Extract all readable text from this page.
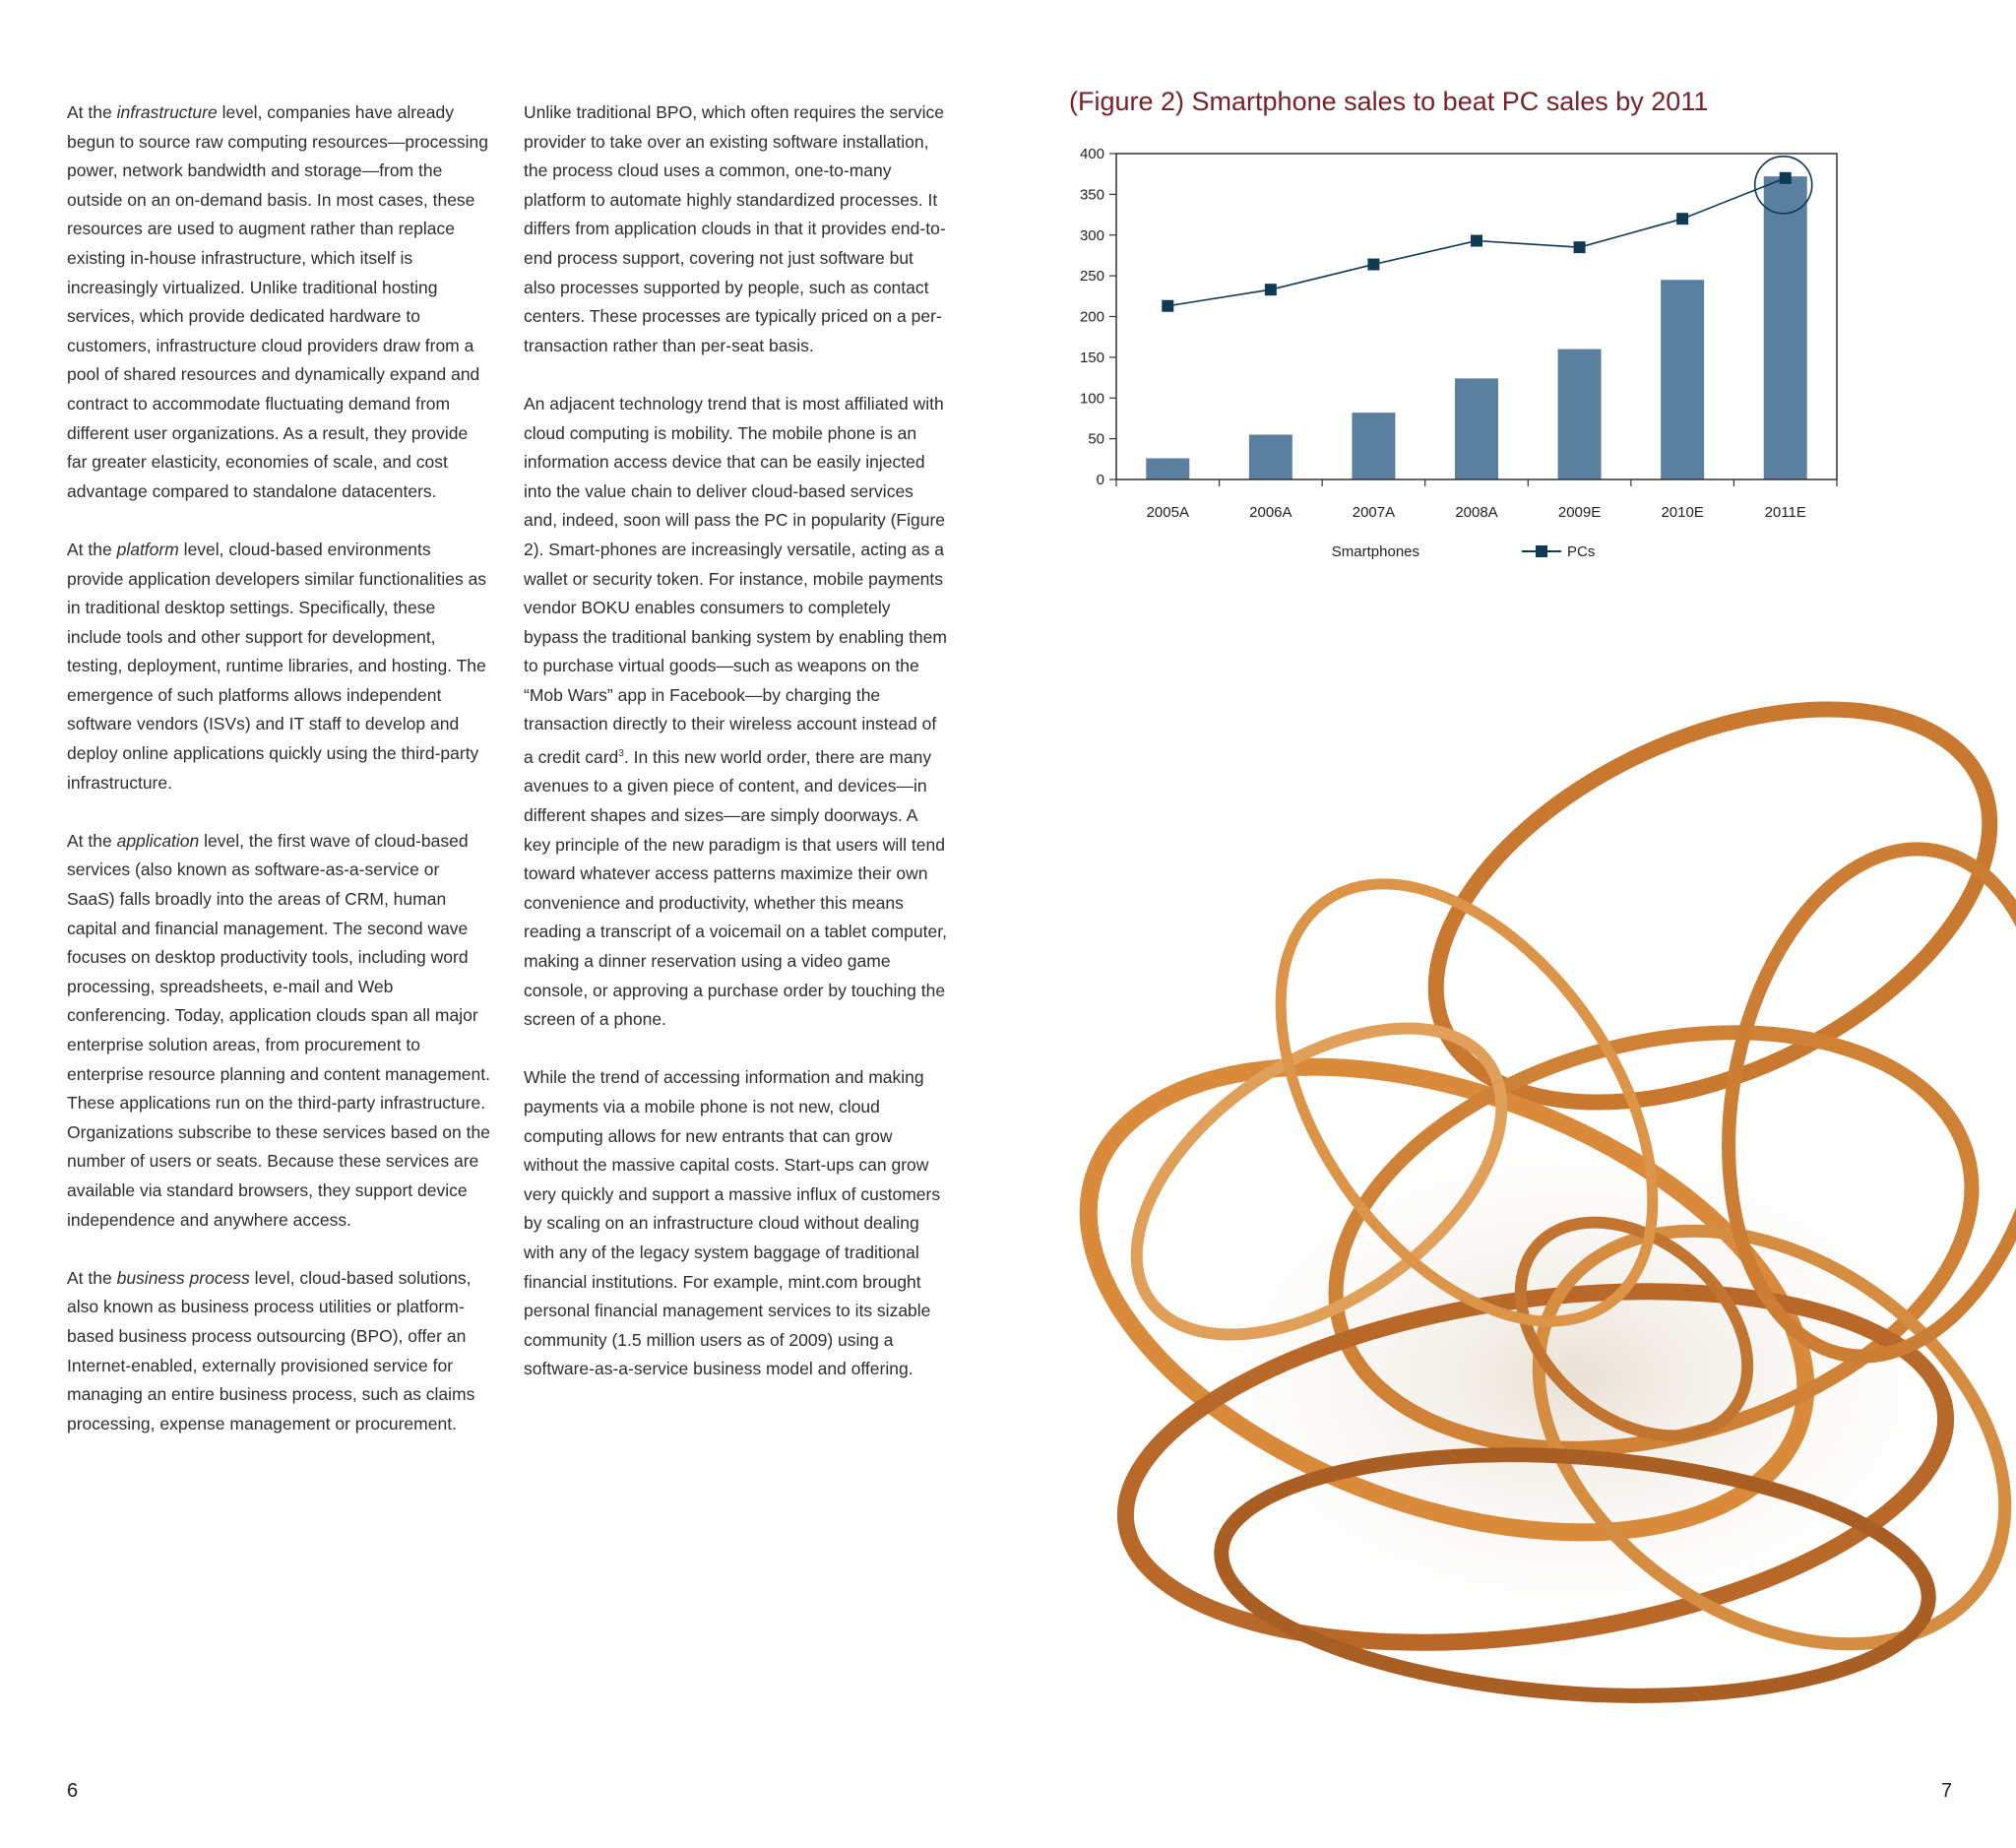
At the infrastructure level, companies have already begun to source raw computing resources—processing power, network bandwidth and storage—from the outside on an on-demand basis. In most cases, these resources are used to augment rather than replace existing in-house infrastructure, which itself is increasingly virtualized. Unlike traditional hosting services, which provide dedicated hardware to customers, infrastructure cloud providers draw from a pool of shared resources and dynamically expand and contract to accommodate fluctuating demand from different user organizations. As a result, they provide far greater elasticity, economies of scale, and cost advantage compared to standalone datacenters.

At the platform level, cloud-based environments provide application developers similar functionalities as in traditional desktop settings. Specifically, these include tools and other support for development, testing, deployment, runtime libraries, and hosting. The emergence of such platforms allows independent software vendors (ISVs) and IT staff to develop and deploy online applications quickly using the third-party infrastructure.

At the application level, the first wave of cloud-based services (also known as software-as-a-service or SaaS) falls broadly into the areas of CRM, human capital and financial management. The second wave focuses on desktop productivity tools, including word processing, spreadsheets, e-mail and Web conferencing. Today, application clouds span all major enterprise solution areas, from procurement to enterprise resource planning and content management. These applications run on the third-party infrastructure. Organizations subscribe to these services based on the number of users or seats. Because these services are available via standard browsers, they support device independence and anywhere access.

At the business process level, cloud-based solutions, also known as business process utilities or platform-based business process outsourcing (BPO), offer an Internet-enabled, externally provisioned service for managing an entire business process, such as claims processing, expense management or procurement.

Unlike traditional BPO, which often requires the service provider to take over an existing software installation, the process cloud uses a common, one-to-many platform to automate highly standardized processes. It differs from application clouds in that it provides end-to-end process support, covering not just software but also processes supported by people, such as contact centers. These processes are typically priced on a per-transaction rather than per-seat basis.

An adjacent technology trend that is most affiliated with cloud computing is mobility. The mobile phone is an information access device that can be easily injected into the value chain to deliver cloud-based services and, indeed, soon will pass the PC in popularity (Figure 2). Smart-phones are increasingly versatile, acting as a wallet or security token. For instance, mobile payments vendor BOKU enables consumers to completely bypass the traditional banking system by enabling them to purchase virtual goods—such as weapons on the “Mob Wars” app in Facebook—by charging the transaction directly to their wireless account instead of a credit card$^3$. In this new world order, there are many avenues to a given piece of content, and devices—in different shapes and sizes—are simply doorways. A key principle of the new paradigm is that users will tend toward whatever access patterns maximize their own convenience and productivity, whether this means reading a transcript of a voicemail on a tablet computer, making a dinner reservation using a video game console, or approving a purchase order by touching the screen of a phone.

While the trend of accessing information and making payments via a mobile phone is not new, cloud computing allows for new entrants that can grow without the massive capital costs. Start-ups can grow very quickly and support a massive influx of customers by scaling on an infrastructure cloud without dealing with any of the legacy system baggage of traditional financial institutions. For example, mint.com brought personal financial management services to its sizable community (1.5 million users as of 2009) using a software-as-a-service business model and offering.

(Figure 2) Smartphone sales to beat PC sales by 2011
0
50
100
150
200
250
300
350
400
2005A	2006A	2007A	2008A	2009E	2010E	2011E
Smartphones	PCs
6	7
